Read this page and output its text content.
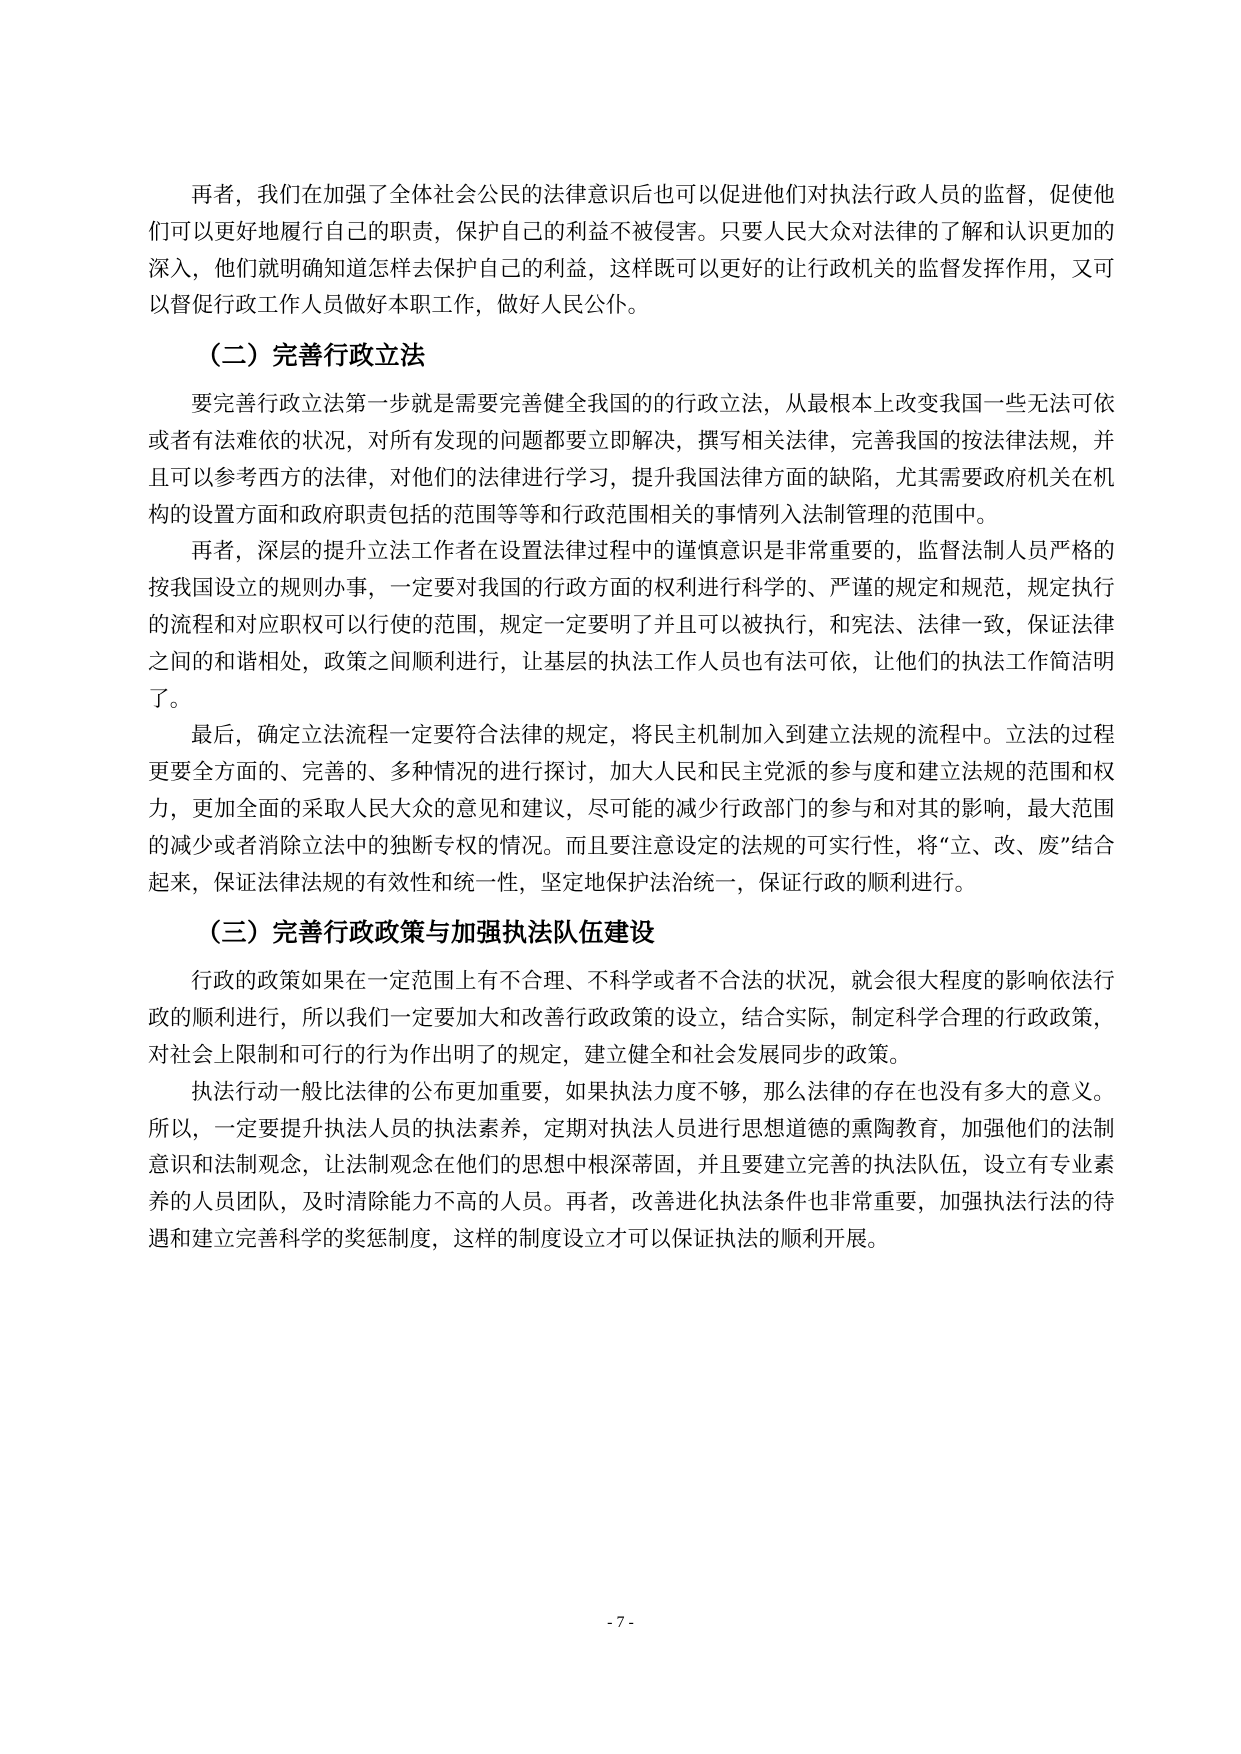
再者，我们在加强了全体社会公民的法律意识后也可以促进他们对执法行政人员的监督，促使他们可以更好地履行自己的职责，保护自己的利益不被侵害。只要人民大众对法律的了解和认识更加的深入，他们就明确知道怎样去保护自己的利益，这样既可以更好的让行政机关的监督发挥作用，又可以督促行政工作人员做好本职工作，做好人民公仆。

（二）完善行政立法

要完善行政立法第一步就是需要完善健全我国的的行政立法，从最根本上改变我国一些无法可依或者有法难依的状况，对所有发现的问题都要立即解决，撰写相关法律，完善我国的按法律法规，并且可以参考西方的法律，对他们的法律进行学习，提升我国法律方面的缺陷，尤其需要政府机关在机构的设置方面和政府职责包括的范围等等和行政范围相关的事情列入法制管理的范围中。

再者，深层的提升立法工作者在设置法律过程中的谨慎意识是非常重要的，监督法制人员严格的按我国设立的规则办事，一定要对我国的行政方面的权利进行科学的、严谨的规定和规范，规定执行的流程和对应职权可以行使的范围，规定一定要明了并且可以被执行，和宪法、法律一致，保证法律之间的和谐相处，政策之间顺利进行，让基层的执法工作人员也有法可依，让他们的执法工作简洁明了。

最后，确定立法流程一定要符合法律的规定，将民主机制加入到建立法规的流程中。立法的过程更要全方面的、完善的、多种情况的进行探讨，加大人民和民主党派的参与度和建立法规的范围和权力，更加全面的采取人民大众的意见和建议，尽可能的减少行政部门的参与和对其的影响，最大范围的减少或者消除立法中的独断专权的情况。而且要注意设定的法规的可实行性，将“立、改、废”结合起来，保证法律法规的有效性和统一性，坚定地保护法治统一，保证行政的顺利进行。

（三）完善行政政策与加强执法队伍建设

行政的政策如果在一定范围上有不合理、不科学或者不合法的状况，就会很大程度的影响依法行政的顺利进行，所以我们一定要加大和改善行政政策的设立，结合实际，制定科学合理的行政政策，对社会上限制和可行的行为作出明了的规定，建立健全和社会发展同步的政策。

执法行动一般比法律的公布更加重要，如果执法力度不够，那么法律的存在也没有多大的意义。所以，一定要提升执法人员的执法素养，定期对执法人员进行思想道德的熏陶教育，加强他们的法制意识和法制观念，让法制观念在他们的思想中根深蒂固，并且要建立完善的执法队伍，设立有专业素养的人员团队，及时清除能力不高的人员。再者，改善进化执法条件也非常重要，加强执法行法的待遇和建立完善科学的奖惩制度，这样的制度设立才可以保证执法的顺利开展。

- 7 -
